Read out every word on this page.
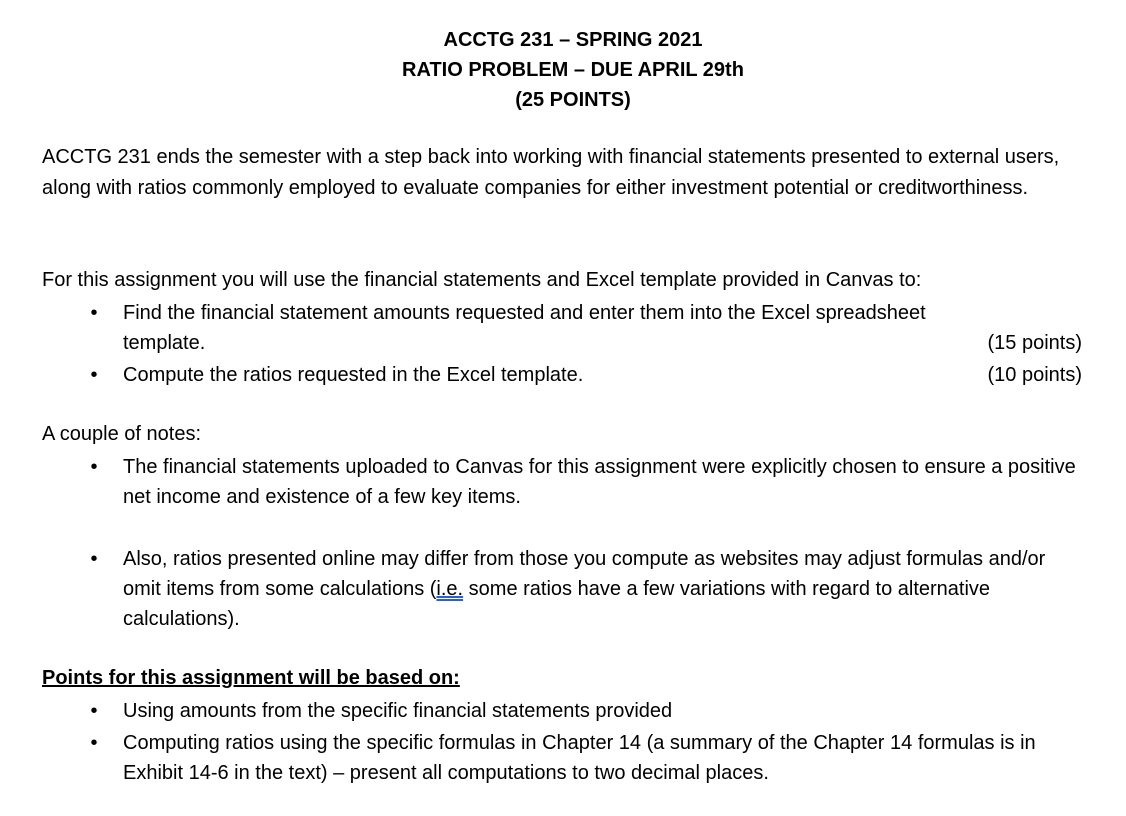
ACCTG 231 – SPRING 2021
RATIO PROBLEM – DUE APRIL 29th
(25 POINTS)
ACCTG 231 ends the semester with a step back into working with financial statements presented to external users, along with ratios commonly employed to evaluate companies for either investment potential or creditworthiness.
For this assignment you will use the financial statements and Excel template provided in Canvas to:
•	Find the financial statement amounts requested and enter them into the Excel spreadsheet
template.	(15 points)
•	Compute the ratios requested in the Excel template.	(10 points)
A couple of notes:
•	The financial statements uploaded to Canvas for this assignment were explicitly chosen to ensure a positive net income and existence of a few key items.
•	Also, ratios presented online may differ from those you compute as websites may adjust formulas and/or omit items from some calculations (i.e. some ratios have a few variations with regard to alternative calculations).
Points for this assignment will be based on:
•	Using amounts from the specific financial statements provided
•	Computing ratios using the specific formulas in Chapter 14 (a summary of the Chapter 14 formulas is in Exhibit 14-6 in the text) – present all computations to two decimal places.
